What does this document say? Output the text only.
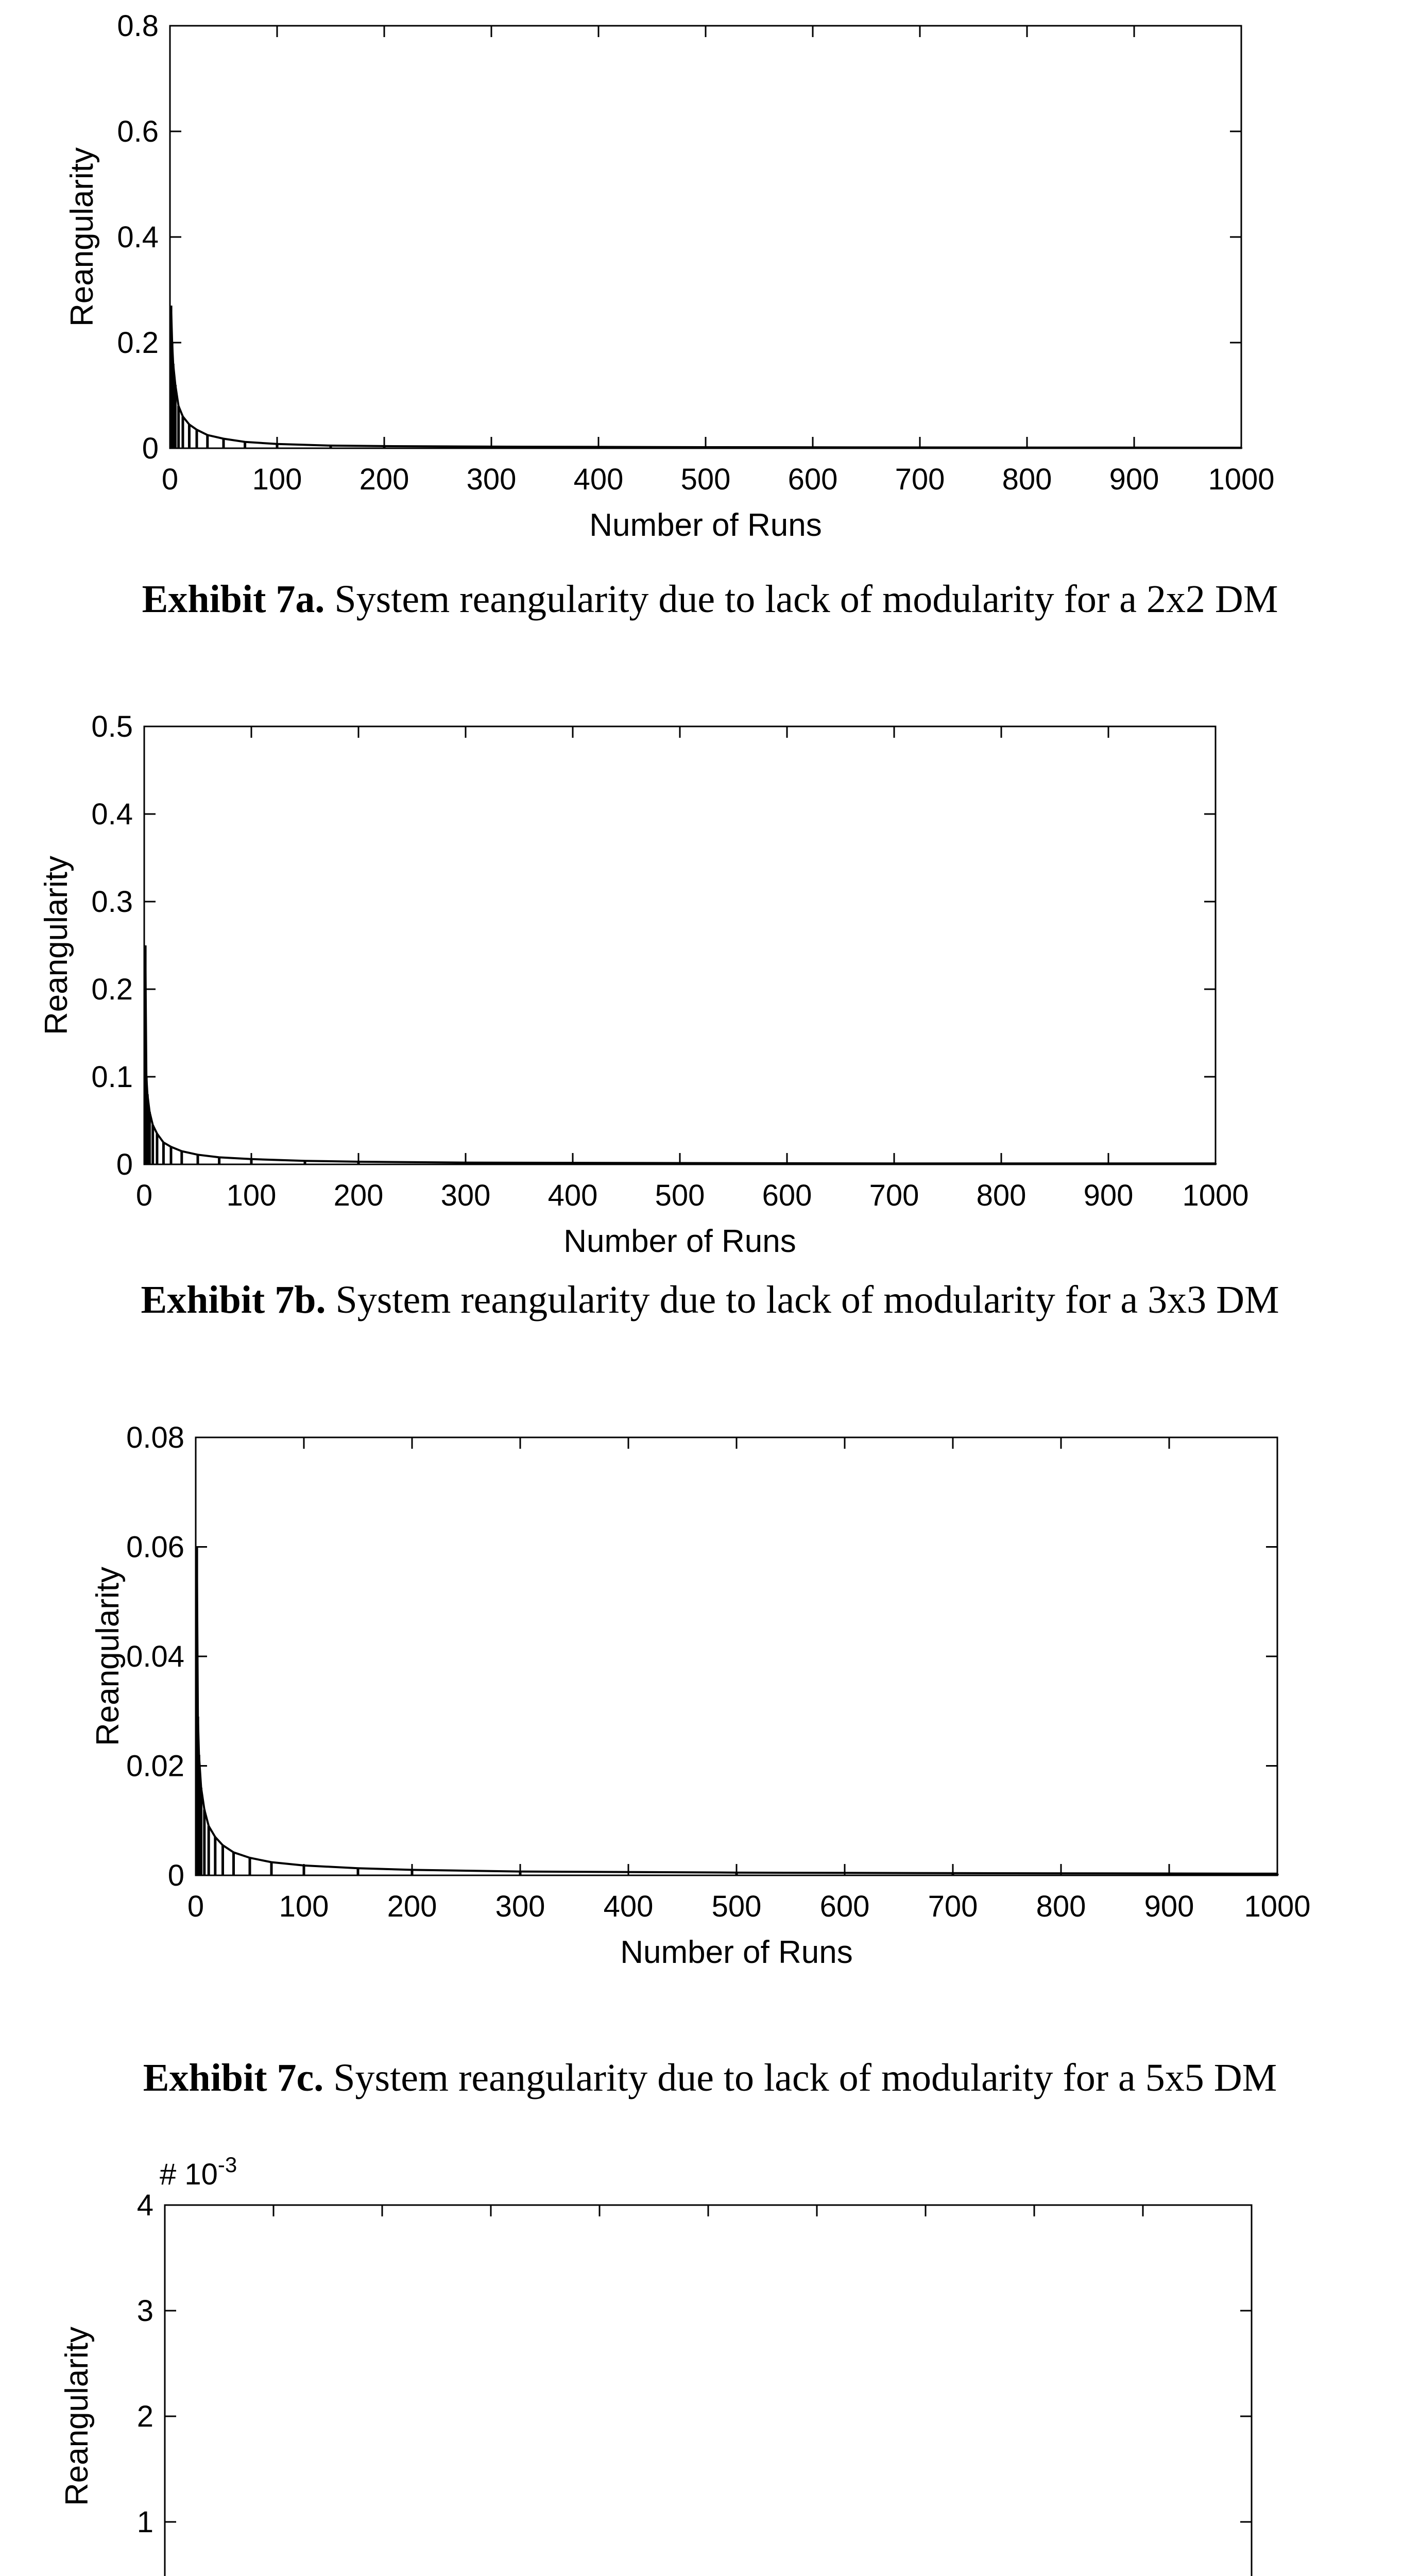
0 100 200 300 400 500 600 700 800 900 1000
0
0.2
0.4
0.6
0.8
Number of Runs
Reangularity
Exhibit 7a. System reangularity due to lack of modularity for a 2x2 DM
0 100 200 300 400 500 600 700 800 900 1000
0
0.1
0.2
0.3
0.4
0.5
Number of Runs
Reangularity
Exhibit 7b. System reangularity due to lack of modularity for a 3x3 DM
0	100 200 300 400 500 600 700 800 900 1000
0
0.02
0.04
0.06
0.08
Number of Runs
Reangularity
Exhibit 7c. System reangularity due to lack of modularity for a 5x5 DM
1
2
3
4
Reangularity
# $10^{-3}$
